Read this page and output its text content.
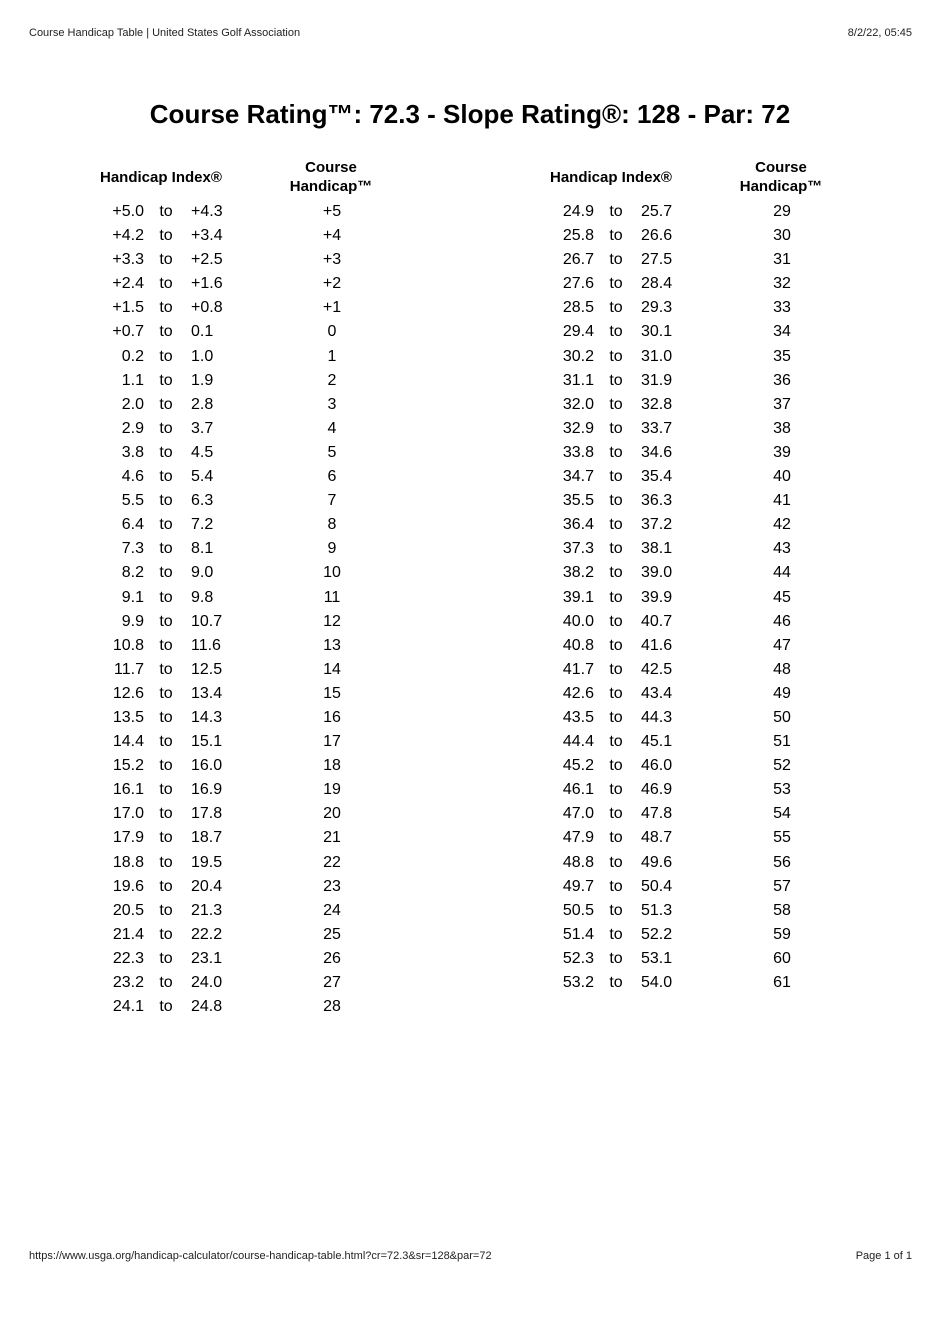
Course Handicap Table | United States Golf Association	8/2/22, 05:45
Course Rating™: 72.3 - Slope Rating®: 128 - Par: 72
Handicap Index®
Course
Handicap™
+5.0 to +4.3	+5
+4.2 to +3.4	+4
+3.3 to +2.5	+3
+2.4 to +1.6	+2
+1.5 to +0.8	+1
+0.7 to 0.1	0
0.2 to 1.0	1
1.1 to 1.9	2
2.0 to 2.8	3
2.9 to 3.7	4
3.8 to 4.5	5
4.6 to 5.4	6
5.5 to 6.3	7
6.4 to 7.2	8
7.3 to 8.1	9
8.2 to 9.0	10
9.1 to 9.8	11
9.9 to 10.7	12
10.8 to 11.6	13
11.7 to 12.5	14
12.6 to 13.4	15
13.5 to 14.3	16
14.4 to 15.1	17
15.2 to 16.0	18
16.1 to 16.9	19
17.0 to 17.8	20
17.9 to 18.7	21
18.8 to 19.5	22
19.6 to 20.4	23
20.5 to 21.3	24
21.4 to 22.2	25
22.3 to 23.1	26
23.2 to 24.0	27
24.1 to 24.8	28
Handicap Index®
Course
Handicap™
24.9 to 25.7	29
25.8 to 26.6	30
26.7 to 27.5	31
27.6 to 28.4	32
28.5 to 29.3	33
29.4 to 30.1	34
30.2 to 31.0	35
31.1 to 31.9	36
32.0 to 32.8	37
32.9 to 33.7	38
33.8 to 34.6	39
34.7 to 35.4	40
35.5 to 36.3	41
36.4 to 37.2	42
37.3 to 38.1	43
38.2 to 39.0	44
39.1 to 39.9	45
40.0 to 40.7	46
40.8 to 41.6	47
41.7 to 42.5	48
42.6 to 43.4	49
43.5 to 44.3	50
44.4 to 45.1	51
45.2 to 46.0	52
46.1 to 46.9	53
47.0 to 47.8	54
47.9 to 48.7	55
48.8 to 49.6	56
49.7 to 50.4	57
50.5 to 51.3	58
51.4 to 52.2	59
52.3 to 53.1	60
53.2 to 54.0	61
https://www.usga.org/handicap-calculator/course-handicap-table.html?cr=72.3&sr=128&par=72	Page 1 of 1
